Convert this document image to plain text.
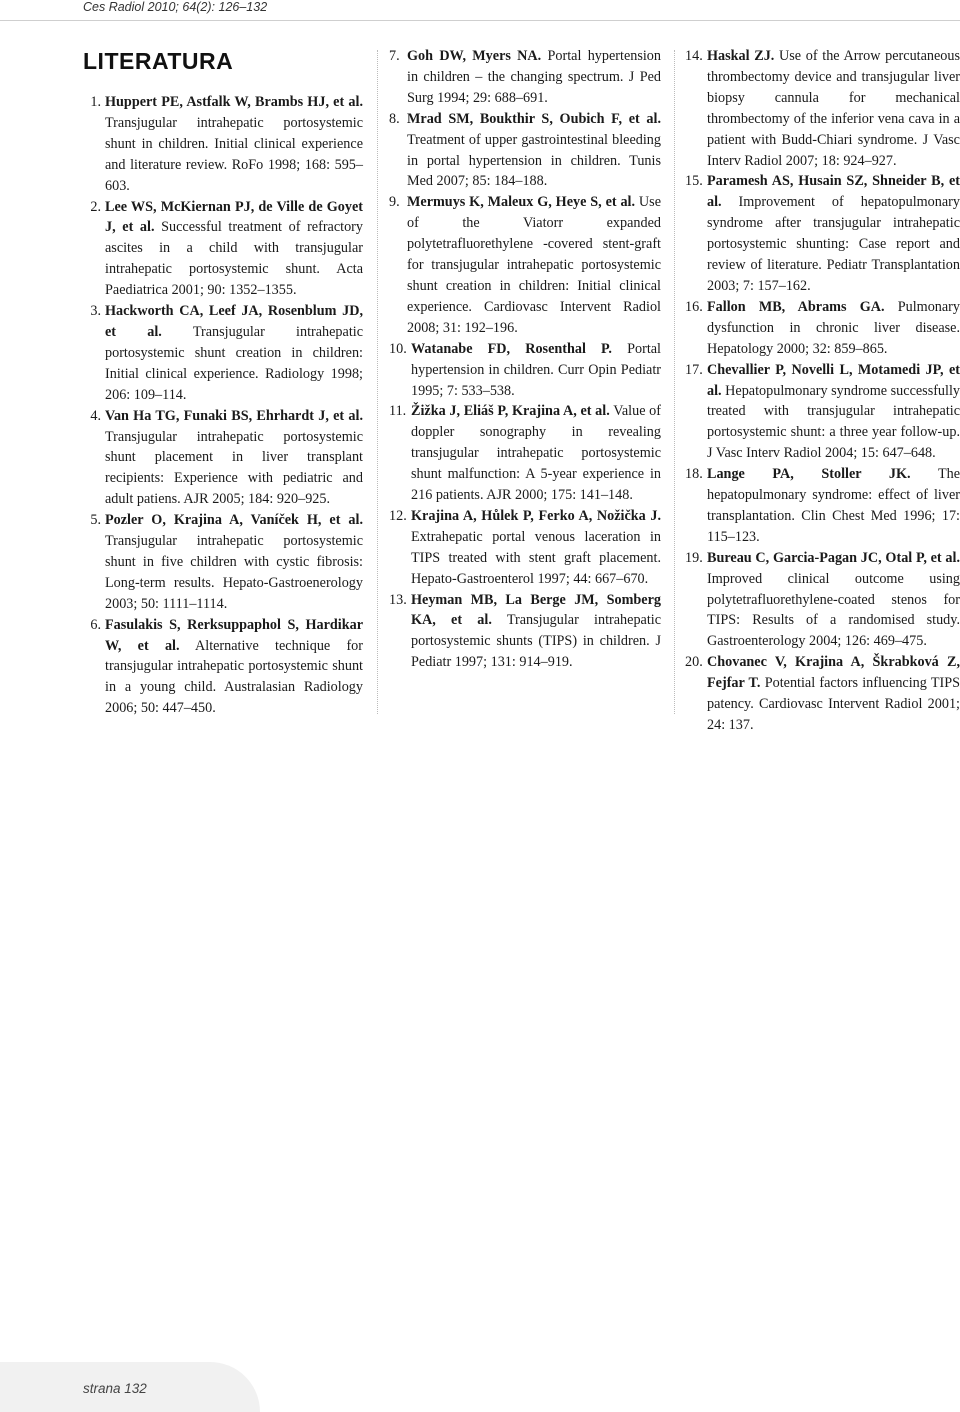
Ces Radiol 2010; 64(2): 126–132
LITERATURA
1. Huppert PE, Astfalk W, Brambs HJ, et al. Transjugular intrahepatic portosystemic shunt in children. Initial clinical experience and literature review. RoFo 1998; 168: 595–603.
2. Lee WS, McKiernan PJ, de Ville de Goyet J, et al. Successful treatment of refractory ascites in a child with transjugular intrahepatic portosystemic shunt. Acta Paediatrica 2001; 90: 1352–1355.
3. Hackworth CA, Leef JA, Rosenblum JD, et al. Transjugular intrahepatic portosystemic shunt creation in children: Initial clinical experience. Radiology 1998; 206: 109–114.
4. Van Ha TG, Funaki BS, Ehrhardt J, et al. Transjugular intrahepatic portosystemic shunt placement in liver transplant recipients: Experience with pediatric and adult patiens. AJR 2005; 184: 920–925.
5. Pozler O, Krajina A, Vaníček H, et al. Transjugular intrahepatic portosystemic shunt in five children with cystic fibrosis: Long-term results. Hepato-Gastroenerology 2003; 50: 1111–1114.
6. Fasulakis S, Rerksuppaphol S, Hardikar W, et al. Alternative technique for transjugular intrahepatic portosystemic shunt in a young child. Australasian Radiology 2006; 50: 447–450.
7. Goh DW, Myers NA. Portal hypertension in children – the changing spectrum. J Ped Surg 1994; 29: 688–691.
8. Mrad SM, Boukthir S, Oubich F, et al. Treatment of upper gastrointestinal bleeding in portal hypertension in children. Tunis Med 2007; 85: 184–188.
9. Mermuys K, Maleux G, Heye S, et al. Use of the Viatorr expanded polytetrafluorethylene -covered stent-graft for transjugular intrahepatic portosystemic shunt creation in children: Initial clinical experience. Cardiovasc Intervent Radiol 2008; 31: 192–196.
10. Watanabe FD, Rosenthal P. Portal hypertension in children. Curr Opin Pediatr 1995; 7: 533–538.
11. Žižka J, Eliáš P, Krajina A, et al. Value of doppler sonography in revealing transjugular intrahepatic portosystemic shunt malfunction: A 5-year experience in 216 patients. AJR 2000; 175: 141–148.
12. Krajina A, Hůlek P, Ferko A, Nožička J. Extrahepatic portal venous laceration in TIPS treated with stent graft placement. Hepato-Gastroenterol 1997; 44: 667–670.
13. Heyman MB, La Berge JM, Somberg KA, et al. Transjugular intrahepatic portosystemic shunts (TIPS) in children. J Pediatr 1997; 131: 914–919.
14. Haskal ZJ. Use of the Arrow percutaneous thrombectomy device and transjugular liver biopsy cannula for mechanical thrombectomy of the inferior vena cava in a patient with Budd-Chiari syndrome. J Vasc Interv Radiol 2007; 18: 924–927.
15. Paramesh AS, Husain SZ, Shneider B, et al. Improvement of hepatopulmonary syndrome after transjugular intrahepatic portosystemic shunting: Case report and review of literature. Pediatr Transplantation 2003; 7: 157–162.
16. Fallon MB, Abrams GA. Pulmonary dysfunction in chronic liver disease. Hepatology 2000; 32: 859–865.
17. Chevallier P, Novelli L, Motamedi JP, et al. Hepatopulmonary syndrome successfully treated with transjugular intrahepatic portosystemic shunt: a three year follow-up. J Vasc Interv Radiol 2004; 15: 647–648.
18. Lange PA, Stoller JK. The hepatopulmonary syndrome: effect of liver transplantation. Clin Chest Med 1996; 17: 115–123.
19. Bureau C, Garcia-Pagan JC, Otal P, et al. Improved clinical outcome using polytetrafluorethylene-coated stenos for TIPS: Results of a randomised study. Gastroenterology 2004; 126: 469–475.
20. Chovanec V, Krajina A, Škrabková Z, Fejfar T. Potential factors influencing TIPS patency. Cardiovasc Intervent Radiol 2001; 24: 137.
strana 132
